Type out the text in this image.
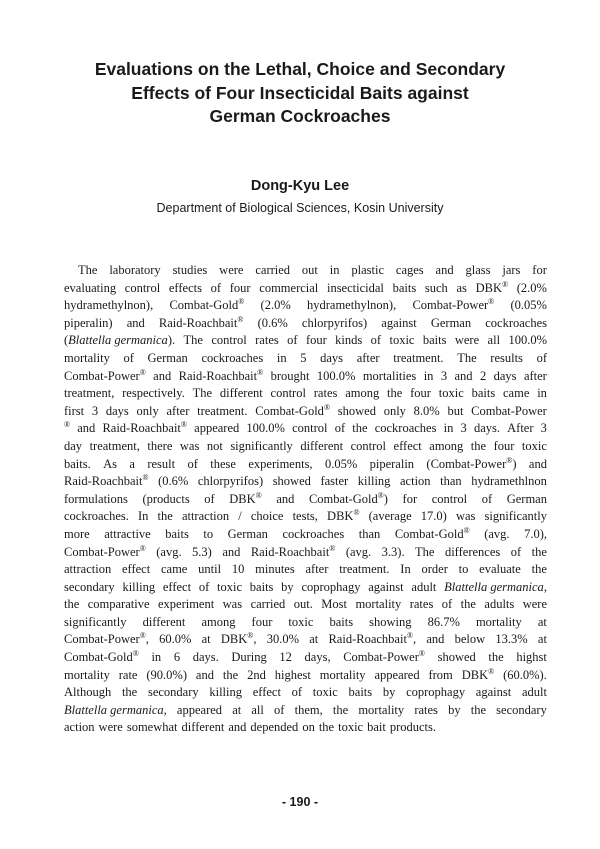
Evaluations on the Lethal, Choice and Secondary
Effects of Four Insecticidal Baits against
German Cockroaches
Dong-Kyu Lee
Department of Biological Sciences, Kosin University
The laboratory studies were carried out in plastic cages and glass jars for
evaluating control effects of four commercial insecticidal baits such as DBK® (2.0%
hydramethylnon), Combat-Gold® (2.0% hydramethylnon), Combat-Power® (0.05%
piperalin) and Raid-Roachbait® (0.6% chlorpyrifos) against German cockroaches
(Blattella germanica). The control rates of four kinds of toxic baits were all 100.0%
mortality of German cockroaches in 5 days after treatment. The results of
Combat-Power® and Raid-Roachbait® brought 100.0% mortalities in 3 and 2 days after
treatment, respectively. The different control rates among the four toxic baits came in
first 3 days only after treatment. Combat-Gold® showed only 8.0% but Combat-Power
® and Raid-Roachbait® appeared 100.0% control of the cockroaches in 3 days. After 3
day treatment, there was not significantly different control effect among the four toxic
baits. As a result of these experiments, 0.05% piperalin (Combat-Power®) and
Raid-Roachbait® (0.6% chlorpyrifos) showed faster killing action than hydramethlnon
formulations (products of DBK® and Combat-Gold®) for control of German
cockroaches. In the attraction / choice tests, DBK® (average 17.0) was significantly
more attractive baits to German cockroaches than Combat-Gold® (avg. 7.0),
Combat-Power® (avg. 5.3) and Raid-Roachbait® (avg. 3.3). The differences of the
attraction effect came until 10 minutes after treatment. In order to evaluate the
secondary killing effect of toxic baits by coprophagy against adult Blattella germanica,
the comparative experiment was carried out. Most mortality rates of the adults were
significantly different among four toxic baits showing 86.7% mortality at
Combat-Power®, 60.0% at DBK®, 30.0% at Raid-Roachbait®, and below 13.3% at
Combat-Gold® in 6 days. During 12 days, Combat-Power® showed the highst
mortality rate (90.0%) and the 2nd highest mortality appeared from DBK® (60.0%).
Although the secondary killing effect of toxic baits by coprophagy against adult
Blattella germanica, appeared at all of them, the mortality rates by the secondary
action were somewhat different and depended on the toxic bait products.
- 190 -
